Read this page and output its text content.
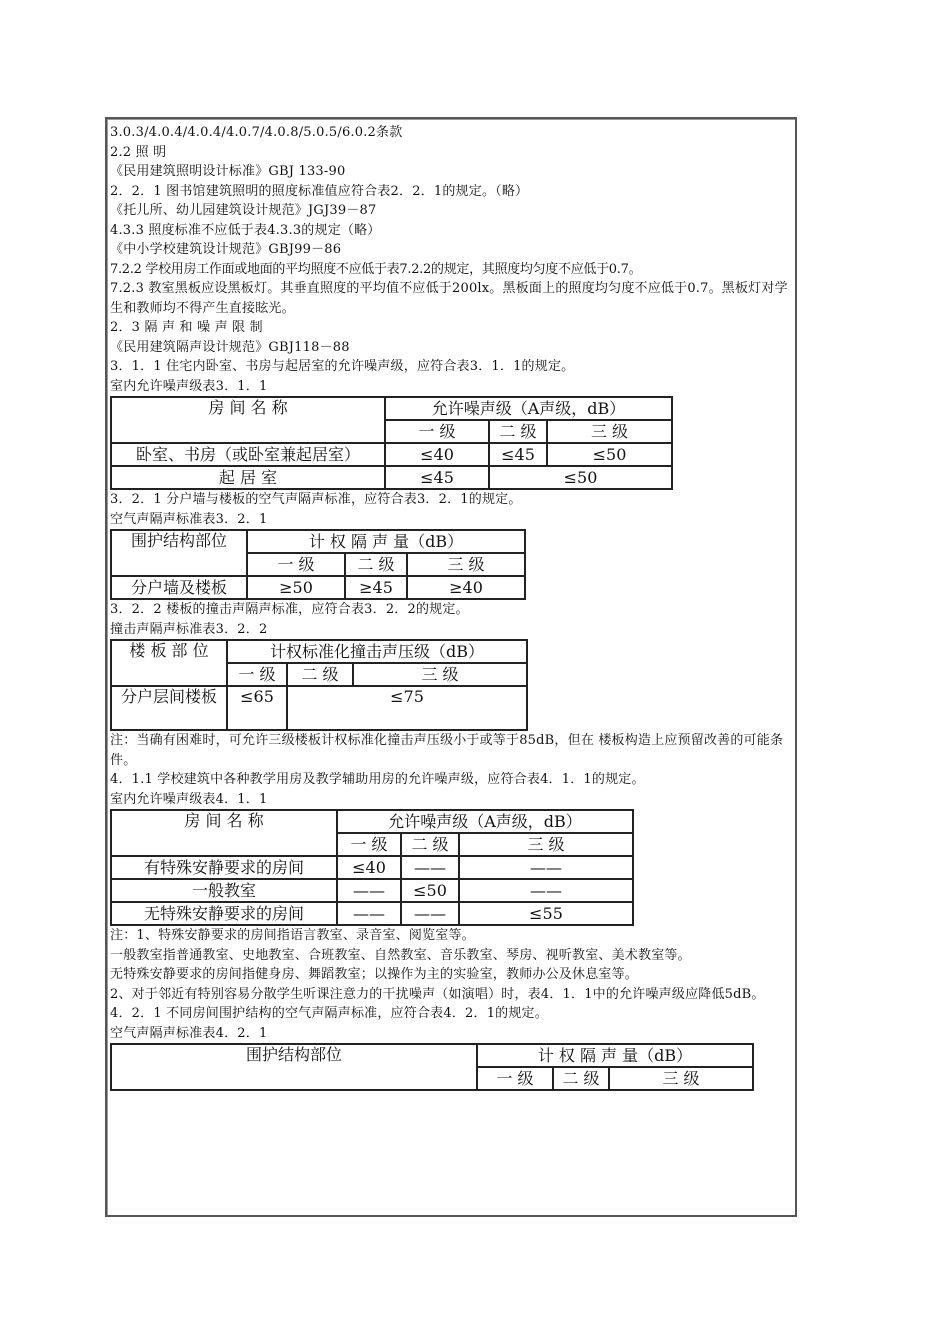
3.0.3/4.0.4/4.0.4/4.0.7/4.0.8/5.0.5/6.0.2条款
2.2 照 明
《民用建筑照明设计标准》GBJ 133-90
2．2．1 图书馆建筑照明的照度标准值应符合表2．2．1的规定。（略）
《托儿所、幼儿园建筑设计规范》JGJ39－87
4.3.3 照度标准不应低于表4.3.3的规定（略）
《中小学校建筑设计规范》GBJ99－86
7.2.2 学校用房工作面或地面的平均照度不应低于表7.2.2的规定，其照度均匀度不应低于0.7。
7.2.3 教室黑板应设黑板灯。其垂直照度的平均值不应低于200lx。黑板面上的照度均匀度不应低于0.7。黑板灯对学生和教师均不得产生直接眩光。
2．3 隔 声 和 噪 声 限 制
《民用建筑隔声设计规范》GBJ118－88
3．1．1 住宅内卧室、书房与起居室的允许噪声级，应符合表3．1．1的规定。
室内允许噪声级表3．1．1
房 间 名 称	允许噪声级（A声级，dB）		
	一 级	二 级	三 级
卧室、书房（或卧室兼起居室）	≤40	≤45	≤50
起 居 室	≤45	≤50	
3．2．1 分户墙与楼板的空气声隔声标准，应符合表3．2．1的规定。
空气声隔声标准表3．2．1
围护结构部位	计 权 隔 声 量（dB）		
	一 级	二 级	三 级
分户墙及楼板	≥50	≥45	≥40
3．2．2 楼板的撞击声隔声标准，应符合表3．2．2的规定。
撞击声隔声标准表3．2．2
楼 板 部 位	计权标准化撞击声压级（dB）		
	一 级	二 级	三 级
分户层间楼板	≤65	≤75	
注：当确有困难时，可允许三级楼板计权标准化撞击声压级小于或等于85dB，但在 楼板构造上应预留改善的可能条件。
4．1.1 学校建筑中各种教学用房及教学辅助用房的允许噪声级，应符合表4．1．1的规定。
室内允许噪声级表4．1．1
房 间 名 称	允许噪声级（A声级，dB）		
	一 级	二 级	三 级
有特殊安静要求的房间	≤40	——	——
一般教室	——	≤50	——
无特殊安静要求的房间	——	——	≤55
注：1、特殊安静要求的房间指语言教室、录音室、阅览室等。
一般教室指普通教室、史地教室、合班教室、自然教室、音乐教室、琴房、视听教室、美术教室等。
无特殊安静要求的房间指健身房、舞蹈教室；以操作为主的实验室，教师办公及休息室等。
2、对于邻近有特别容易分散学生听课注意力的干扰噪声（如演唱）时，表4．1．1中的允许噪声级应降低5dB。
4．2．1 不同房间围护结构的空气声隔声标准，应符合表4．2．1的规定。
空气声隔声标准表4．2．1
围护结构部位	计 权 隔 声 量（dB）		
	一 级	二 级	三 级
